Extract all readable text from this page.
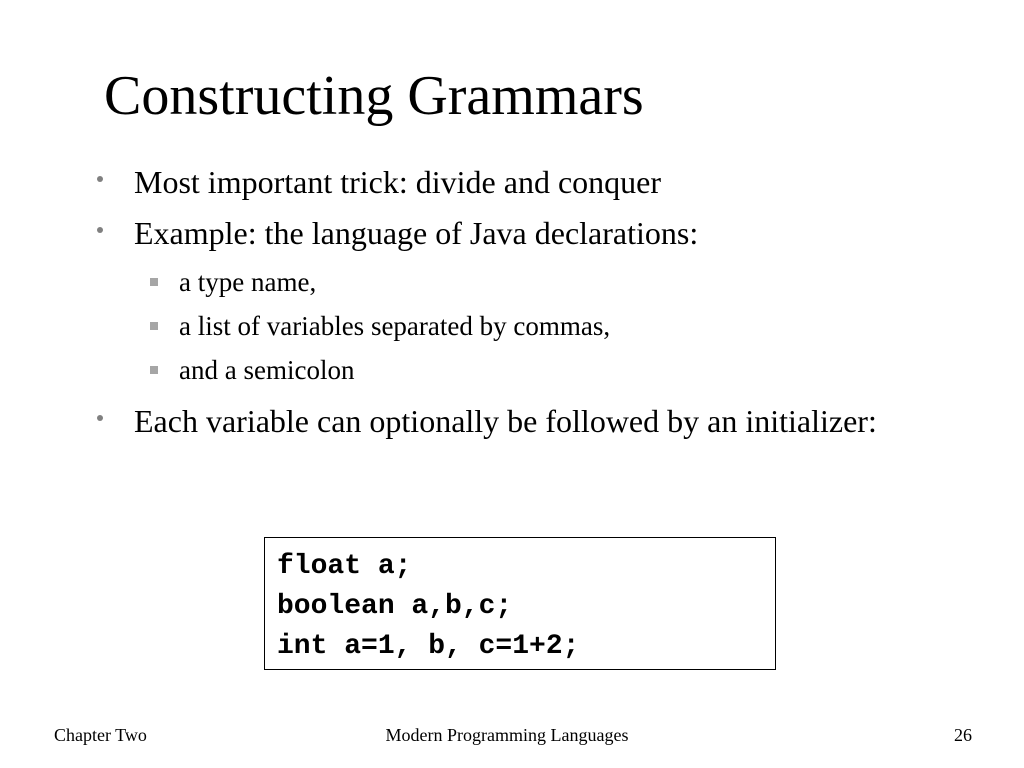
Constructing Grammars
Most important trick: divide and conquer
Example: the language of Java declarations:
a type name,
a list of variables separated by commas,
and a semicolon
Each variable can optionally be followed by an initializer:
float a;
boolean a,b,c;
int a=1, b, c=1+2;
Chapter Two	Modern Programming Languages	26
